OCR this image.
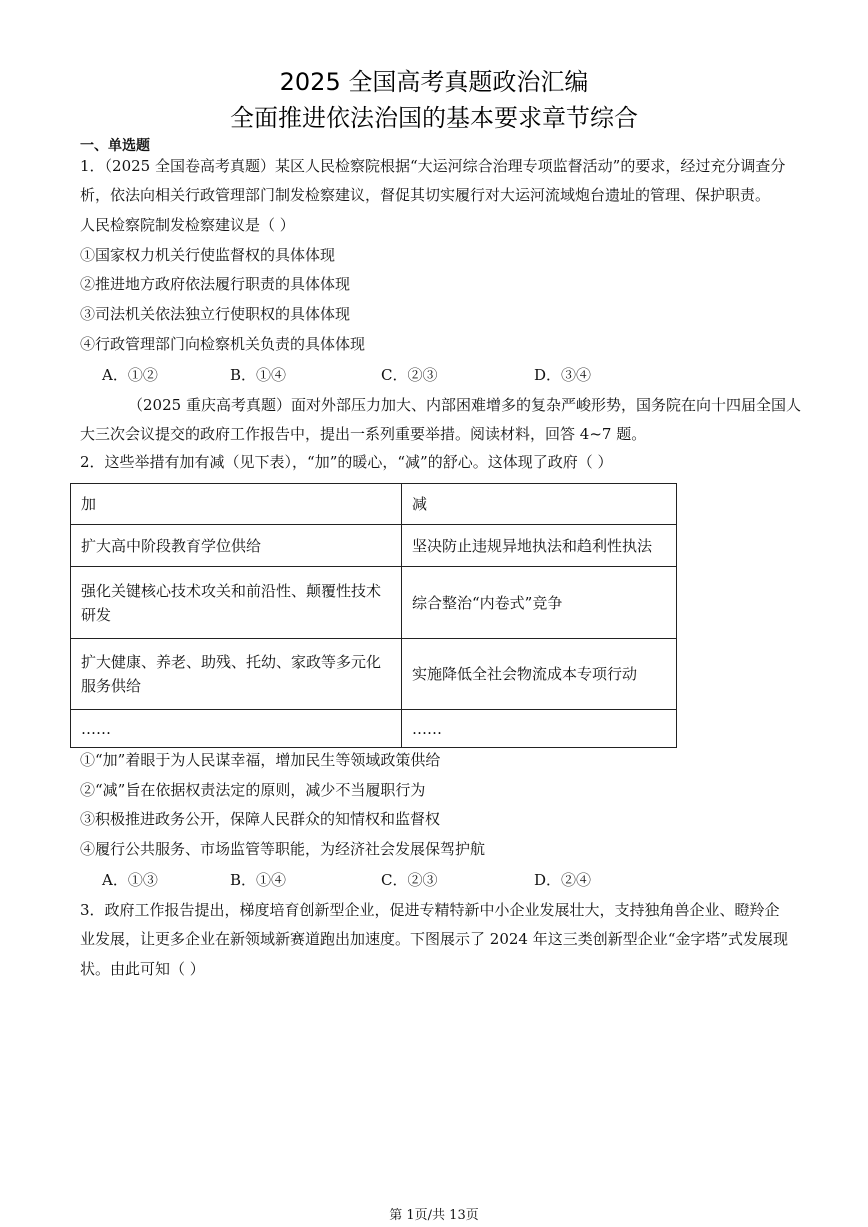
2025 全国高考真题政治汇编
全面推进依法治国的基本要求章节综合
一、单选题
1．（2025 全国卷高考真题）某区人民检察院根据“大运河综合治理专项监督活动”的要求，经过充分调查分
析，依法向相关行政管理部门制发检察建议，督促其切实履行对大运河流域炮台遗址的管理、保护职责。
人民检察院制发检察建议是（ ）
①国家权力机关行使监督权的具体体现
②推进地方政府依法履行职责的具体体现
③司法机关依法独立行使职权的具体体现
④行政管理部门向检察机关负责的具体体现
A．①②	B．①④	C．②③	D．③④
（2025 重庆高考真题）面对外部压力加大、内部困难增多的复杂严峻形势，国务院在向十四届全国人
大三次会议提交的政府工作报告中，提出一系列重要举措。阅读材料，回答 4~7 题。
2．这些举措有加有减（见下表），“加”的暖心，“减”的舒心。这体现了政府（ ）
加	减
扩大高中阶段教育学位供给	坚决防止违规异地执法和趋利性执法
强化关键核心技术攻关和前沿性、颠覆性技术研发	综合整治“内卷式”竞争
扩大健康、养老、助残、托幼、家政等多元化服务供给	实施降低全社会物流成本专项行动
……	……
①“加”着眼于为人民谋幸福，增加民生等领域政策供给
②“减”旨在依据权责法定的原则，减少不当履职行为
③积极推进政务公开，保障人民群众的知情权和监督权
④履行公共服务、市场监管等职能，为经济社会发展保驾护航
A．①③	B．①④	C．②③	D．②④
3．政府工作报告提出，梯度培育创新型企业，促进专精特新中小企业发展壮大，支持独角兽企业、瞪羚企
业发展，让更多企业在新领域新赛道跑出加速度。下图展示了 2024 年这三类创新型企业“金字塔”式发展现
状。由此可知（ ）
第 1页/共 13页
